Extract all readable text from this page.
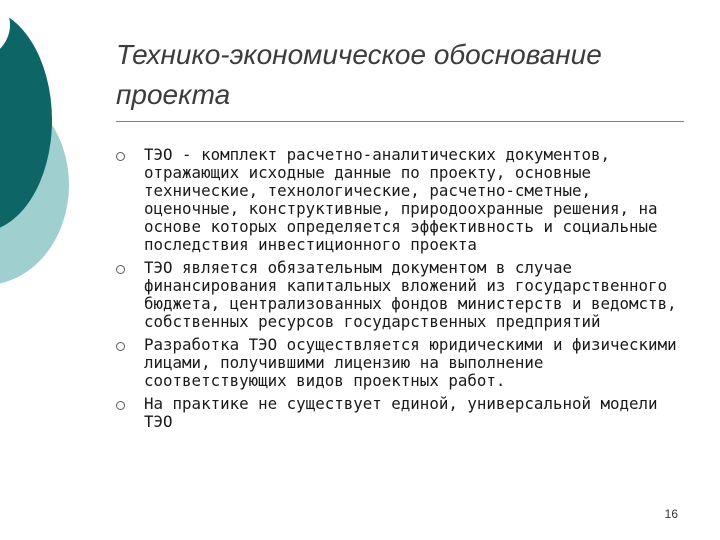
Технико-экономическое обоснование проекта
ТЭО - комплект расчетно-аналитических документов, отражающих исходные данные по проекту, основные технические, технологические, расчетно-сметные, оценочные, конструктивные, природоохранные решения, на основе которых определяется эффективность и социальные последствия инвестиционного проекта
ТЭО является обязательным документом в случае финансирования капитальных вложений из государственного бюджета, централизованных фондов министерств и ведомств, собственных ресурсов государственных предприятий
Разработка ТЭО осуществляется юридическими и физическими лицами, получившими лицензию на выполнение соответствующих видов проектных работ.
На практике не существует единой, универсальной модели ТЭО
16
